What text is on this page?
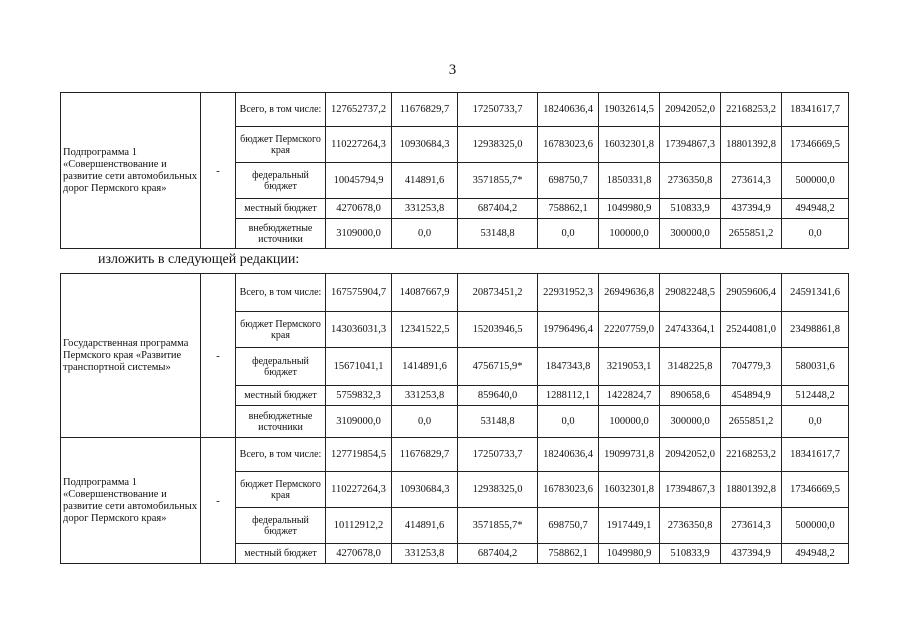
3
Подпрограмма 1 «Совершенствование и развитие сети автомобильных дорог Пермского края»	-	Всего, в том числе:	127652737,2	11676829,7	17250733,7	18240636,4	19032614,5	20942052,0	22168253,2	18341617,7
		бюджет Пермского края	110227264,3	10930684,3	12938325,0	16783023,6	16032301,8	17394867,3	18801392,8	17346669,5
		федеральный бюджет	10045794,9	414891,6	3571855,7*	698750,7	1850331,8	2736350,8	273614,3	500000,0
		местный бюджет	4270678,0	331253,8	687404,2	758862,1	1049980,9	510833,9	437394,9	494948,2
		внебюджетные источники	3109000,0	0,0	53148,8	0,0	100000,0	300000,0	2655851,2	0,0
изложить в следующей редакции:
Государственная программа Пермского края «Развитие транспортной системы»	-	Всего, в том числе:	167575904,7	14087667,9	20873451,2	22931952,3	26949636,8	29082248,5	29059606,4	24591341,6
		бюджет Пермского края	143036031,3	12341522,5	15203946,5	19796496,4	22207759,0	24743364,1	25244081,0	23498861,8
		федеральный бюджет	15671041,1	1414891,6	4756715,9*	1847343,8	3219053,1	3148225,8	704779,3	580031,6
		местный бюджет	5759832,3	331253,8	859640,0	1288112,1	1422824,7	890658,6	454894,9	512448,2
		внебюджетные источники	3109000,0	0,0	53148,8	0,0	100000,0	300000,0	2655851,2	0,0
Подпрограмма 1 «Совершенствование и развитие сети автомобильных дорог Пермского края»	-	Всего, в том числе:	127719854,5	11676829,7	17250733,7	18240636,4	19099731,8	20942052,0	22168253,2	18341617,7
		бюджет Пермского края	110227264,3	10930684,3	12938325,0	16783023,6	16032301,8	17394867,3	18801392,8	17346669,5
		федеральный бюджет	10112912,2	414891,6	3571855,7*	698750,7	1917449,1	2736350,8	273614,3	500000,0
		местный бюджет	4270678,0	331253,8	687404,2	758862,1	1049980,9	510833,9	437394,9	494948,2
